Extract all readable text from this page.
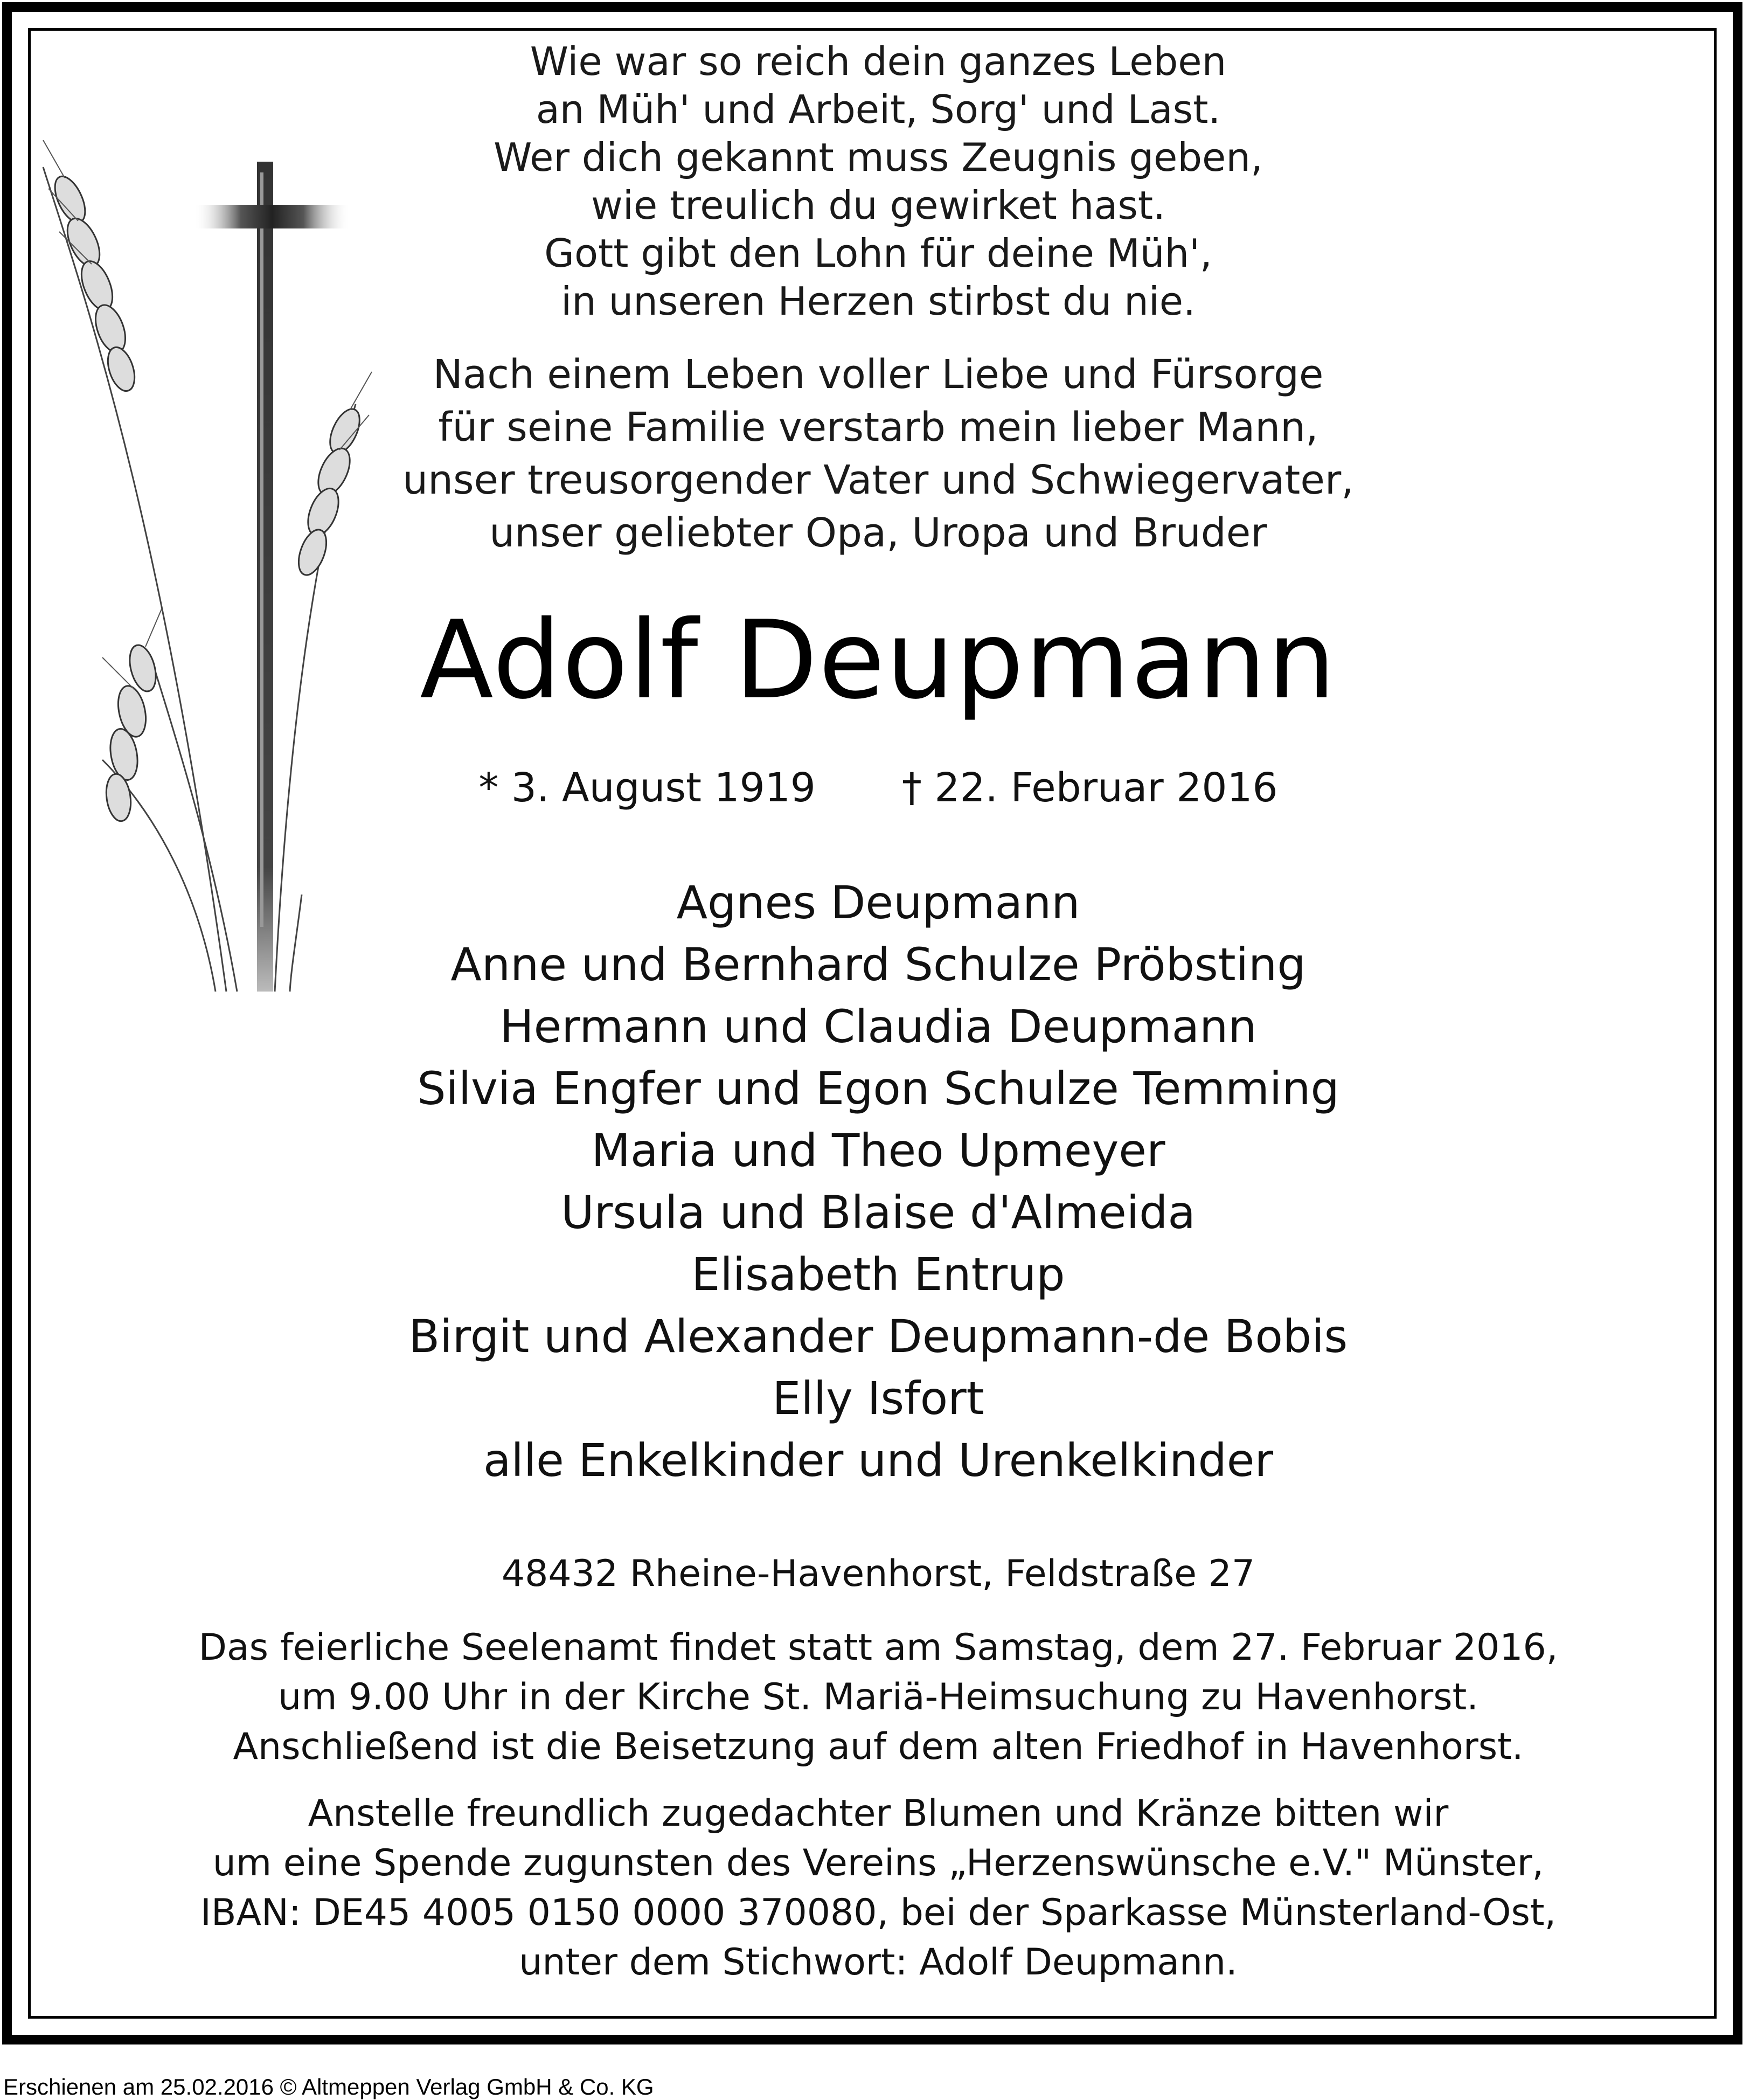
Wie war so reich dein ganzes Leben
an Müh' und Arbeit, Sorg' und Last.
Wer dich gekannt muss Zeugnis geben,
wie treulich du gewirket hast.
Gott gibt den Lohn für deine Müh',
in unseren Herzen stirbst du nie.
Nach einem Leben voller Liebe und Fürsorge
für seine Familie verstarb mein lieber Mann,
unser treusorgender Vater und Schwiegervater,
unser geliebter Opa, Uropa und Bruder
Adolf Deupmann
* 3. August 1919 † 22. Februar 2016
Agnes Deupmann
Anne und Bernhard Schulze Pröbsting
Hermann und Claudia Deupmann
Silvia Engfer und Egon Schulze Temming
Maria und Theo Upmeyer
Ursula und Blaise d'Almeida
Elisabeth Entrup
Birgit und Alexander Deupmann-de Bobis
Elly Isfort
alle Enkelkinder und Urenkelkinder
48432 Rheine-Havenhorst, Feldstraße 27
Das feierliche Seelenamt findet statt am Samstag, dem 27. Februar 2016,
um 9.00 Uhr in der Kirche St. Mariä-Heimsuchung zu Havenhorst.
Anschließend ist die Beisetzung auf dem alten Friedhof in Havenhorst.
Anstelle freundlich zugedachter Blumen und Kränze bitten wir
um eine Spende zugunsten des Vereins „Herzenswünsche e.V." Münster,
IBAN: DE45 4005 0150 0000 370080, bei der Sparkasse Münsterland-Ost,
unter dem Stichwort: Adolf Deupmann.
Erschienen am 25.02.2016 © Altmeppen Verlag GmbH & Co. KG
